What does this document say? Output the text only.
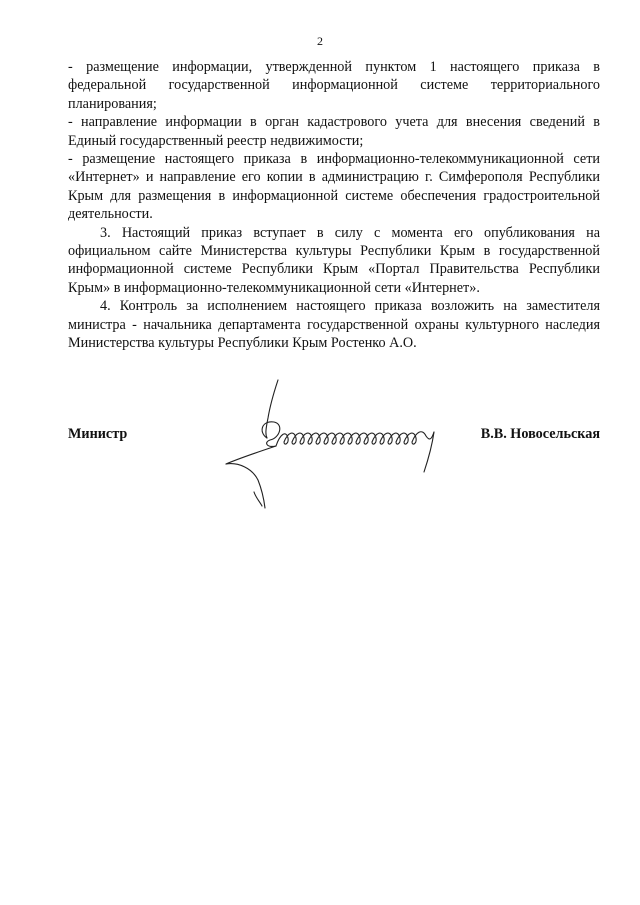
2

- размещение информации, утвержденной пунктом 1 настоящего приказа в федеральной государственной информационной системе территориального планирования;

- направление информации в орган кадастрового учета для внесения сведений в Единый государственный реестр недвижимости;

- размещение настоящего приказа в информационно-телекоммуникационной сети «Интернет» и направление его копии в администрацию г. Симферополя Республики Крым для размещения в информационной системе обеспечения градостроительной деятельности.

3. Настоящий приказ вступает в силу с момента его опубликования на официальном сайте Министерства культуры Республики Крым в государственной информационной системе Республики Крым «Портал Правительства Республики Крым» в информационно-телекоммуникационной сети «Интернет».

4. Контроль за исполнением настоящего приказа возложить на заместителя министра - начальника департамента государственной охраны культурного наследия Министерства культуры Республики Крым Ростенко А.О.

Министр	В.В. Новосельская
